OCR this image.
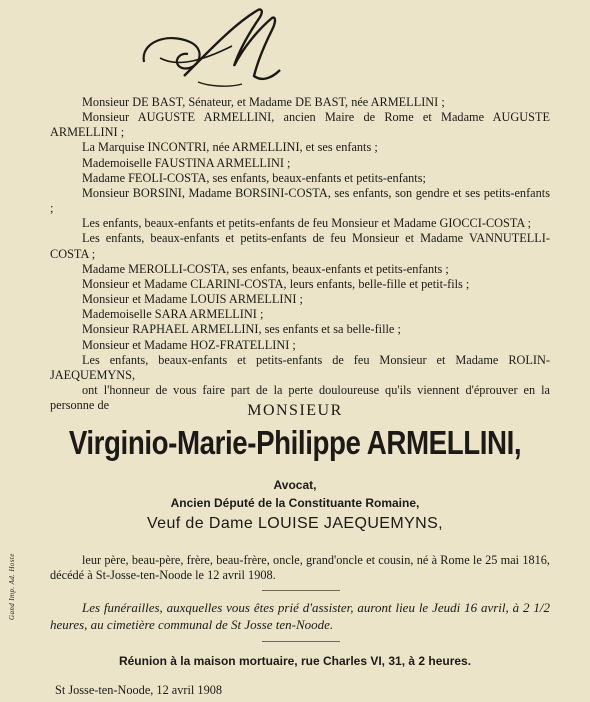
Monsieur DE BAST, Sénateur, et Madame DE BAST, née ARMELLINI ;

Monsieur AUGUSTE ARMELLINI, ancien Maire de Rome et Madame AUGUSTE ARMELLINI ;

La Marquise INCONTRI, née ARMELLINI, et ses enfants ;

Mademoiselle FAUSTINA ARMELLINI ;

Madame FEOLI-COSTA, ses enfants, beaux-enfants et petits-enfants;

Monsieur BORSINI, Madame BORSINI-COSTA, ses enfants, son gendre et ses petits-enfants ;

Les enfants, beaux-enfants et petits-enfants de feu Monsieur et Madame GIOCCI-COSTA ;

Les enfants, beaux-enfants et petits-enfants de feu Monsieur et Madame VANNUTELLI-COSTA ;

Madame MEROLLI-COSTA, ses enfants, beaux-enfants et petits-enfants ;

Monsieur et Madame CLARINI-COSTA, leurs enfants, belle-fille et petit-fils ;

Monsieur et Madame LOUIS ARMELLINI ;

Mademoiselle SARA ARMELLINI ;

Monsieur RAPHAEL ARMELLINI, ses enfants et sa belle-fille ;

Monsieur et Madame HOZ-FRATELLINI ;

Les enfants, beaux-enfants et petits-enfants de feu Monsieur et Madame ROLIN-JAEQUEMYNS,

ont l'honneur de vous faire part de la perte douloureuse qu'ils viennent d'éprouver en la personne de	MONSIEUR
Virginio-Marie-Philippe ARMELLINI,
Avocat,
Ancien Député de la Constituante Romaine,
Veuf de Dame LOUISE JAEQUEMYNS,

leur père, beau-père, frère, beau-frère, oncle, grand'oncle et cousin, né à Rome le 25 mai 1816, décédé à St-Josse-ten-Noode le 12 avril 1908.

Les funérailles, auxquelles vous êtes prié d'assister, auront lieu le Jeudi 16 avril, à 2 1/2 heures, au cimetière communal de St Josse ten-Noode.

Réunion à la maison mortuaire, rue Charles VI, 31, à 2 heures.
St Josse-ten-Noode, 12 avril 1908
Gand Imp. Ad. Hoste
